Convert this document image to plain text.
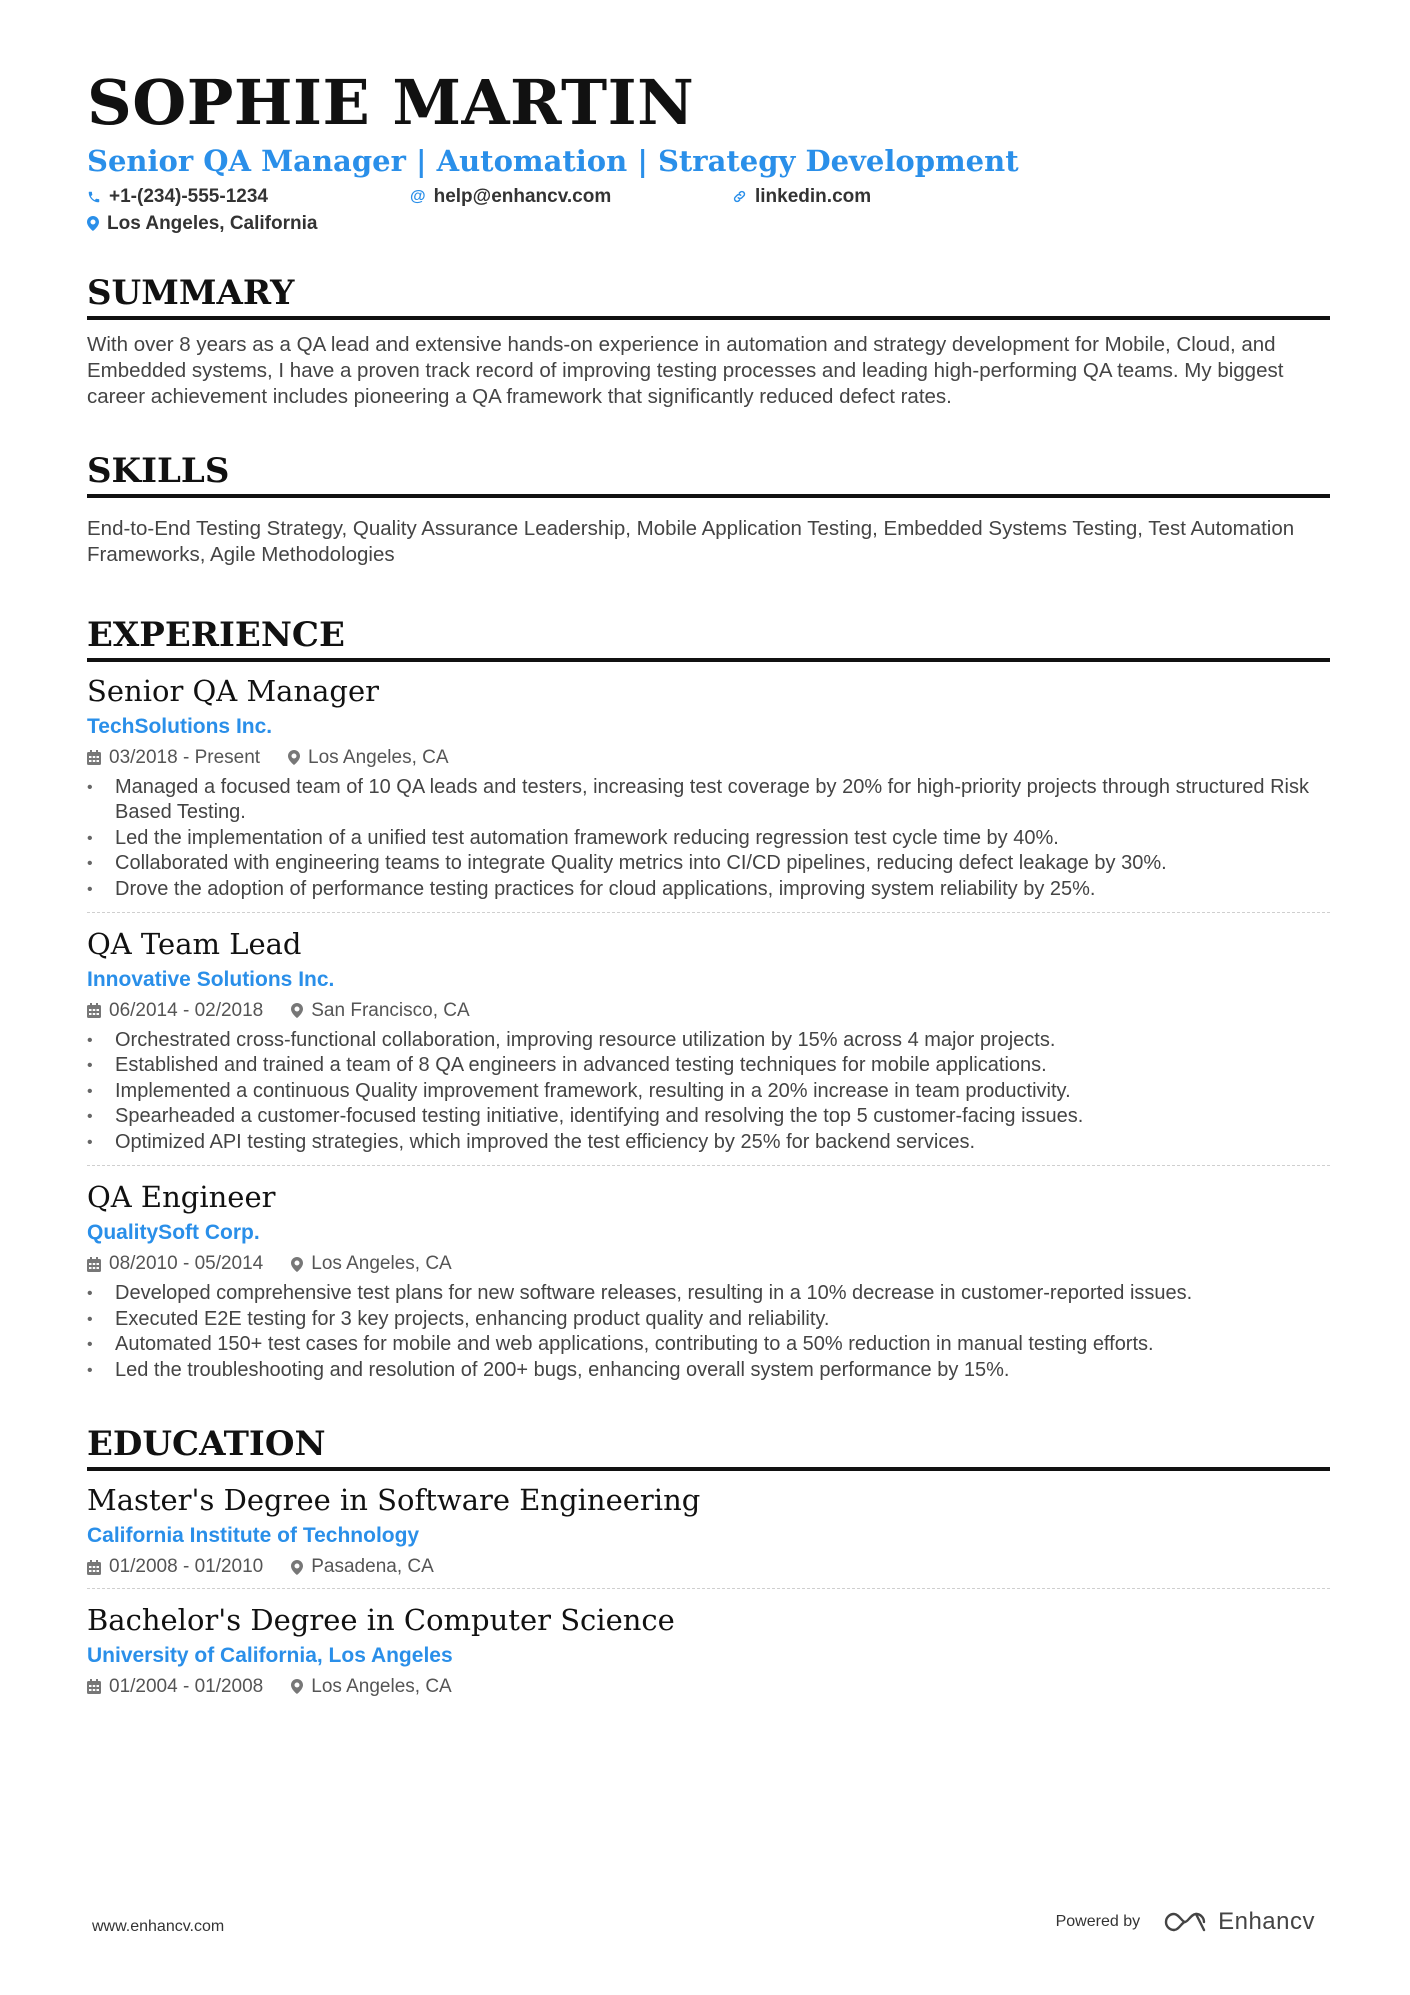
SOPHIE MARTIN
Senior QA Manager | Automation | Strategy Development
+1-(234)-555-1234	@ help@enhancv.com	linkedin.com
Los Angeles, California
SUMMARY
With over 8 years as a QA lead and extensive hands-on experience in automation and strategy development for Mobile, Cloud, and Embedded systems, I have a proven track record of improving testing processes and leading high-performing QA teams. My biggest career achievement includes pioneering a QA framework that significantly reduced defect rates.
SKILLS
End-to-End Testing Strategy, Quality Assurance Leadership, Mobile Application Testing, Embedded Systems Testing, Test Automation Frameworks, Agile Methodologies
EXPERIENCE
Senior QA Manager
TechSolutions Inc.
03/2018 - Present	Los Angeles, CA
• Managed a focused team of 10 QA leads and testers, increasing test coverage by 20% for high-priority projects through structured Risk Based Testing.
• Led the implementation of a unified test automation framework reducing regression test cycle time by 40%.
• Collaborated with engineering teams to integrate Quality metrics into CI/CD pipelines, reducing defect leakage by 30%.
• Drove the adoption of performance testing practices for cloud applications, improving system reliability by 25%.
QA Team Lead
Innovative Solutions Inc.
06/2014 - 02/2018	San Francisco, CA
• Orchestrated cross-functional collaboration, improving resource utilization by 15% across 4 major projects.
• Established and trained a team of 8 QA engineers in advanced testing techniques for mobile applications.
• Implemented a continuous Quality improvement framework, resulting in a 20% increase in team productivity.
• Spearheaded a customer-focused testing initiative, identifying and resolving the top 5 customer-facing issues.
• Optimized API testing strategies, which improved the test efficiency by 25% for backend services.
QA Engineer
QualitySoft Corp.
08/2010 - 05/2014	Los Angeles, CA
• Developed comprehensive test plans for new software releases, resulting in a 10% decrease in customer-reported issues.
• Executed E2E testing for 3 key projects, enhancing product quality and reliability.
• Automated 150+ test cases for mobile and web applications, contributing to a 50% reduction in manual testing efforts.
• Led the troubleshooting and resolution of 200+ bugs, enhancing overall system performance by 15%.
EDUCATION
Master's Degree in Software Engineering
California Institute of Technology
01/2008 - 01/2010	Pasadena, CA
Bachelor's Degree in Computer Science
University of California, Los Angeles
01/2004 - 01/2008	Los Angeles, CA
www.enhancv.com	Powered by	Enhancv
